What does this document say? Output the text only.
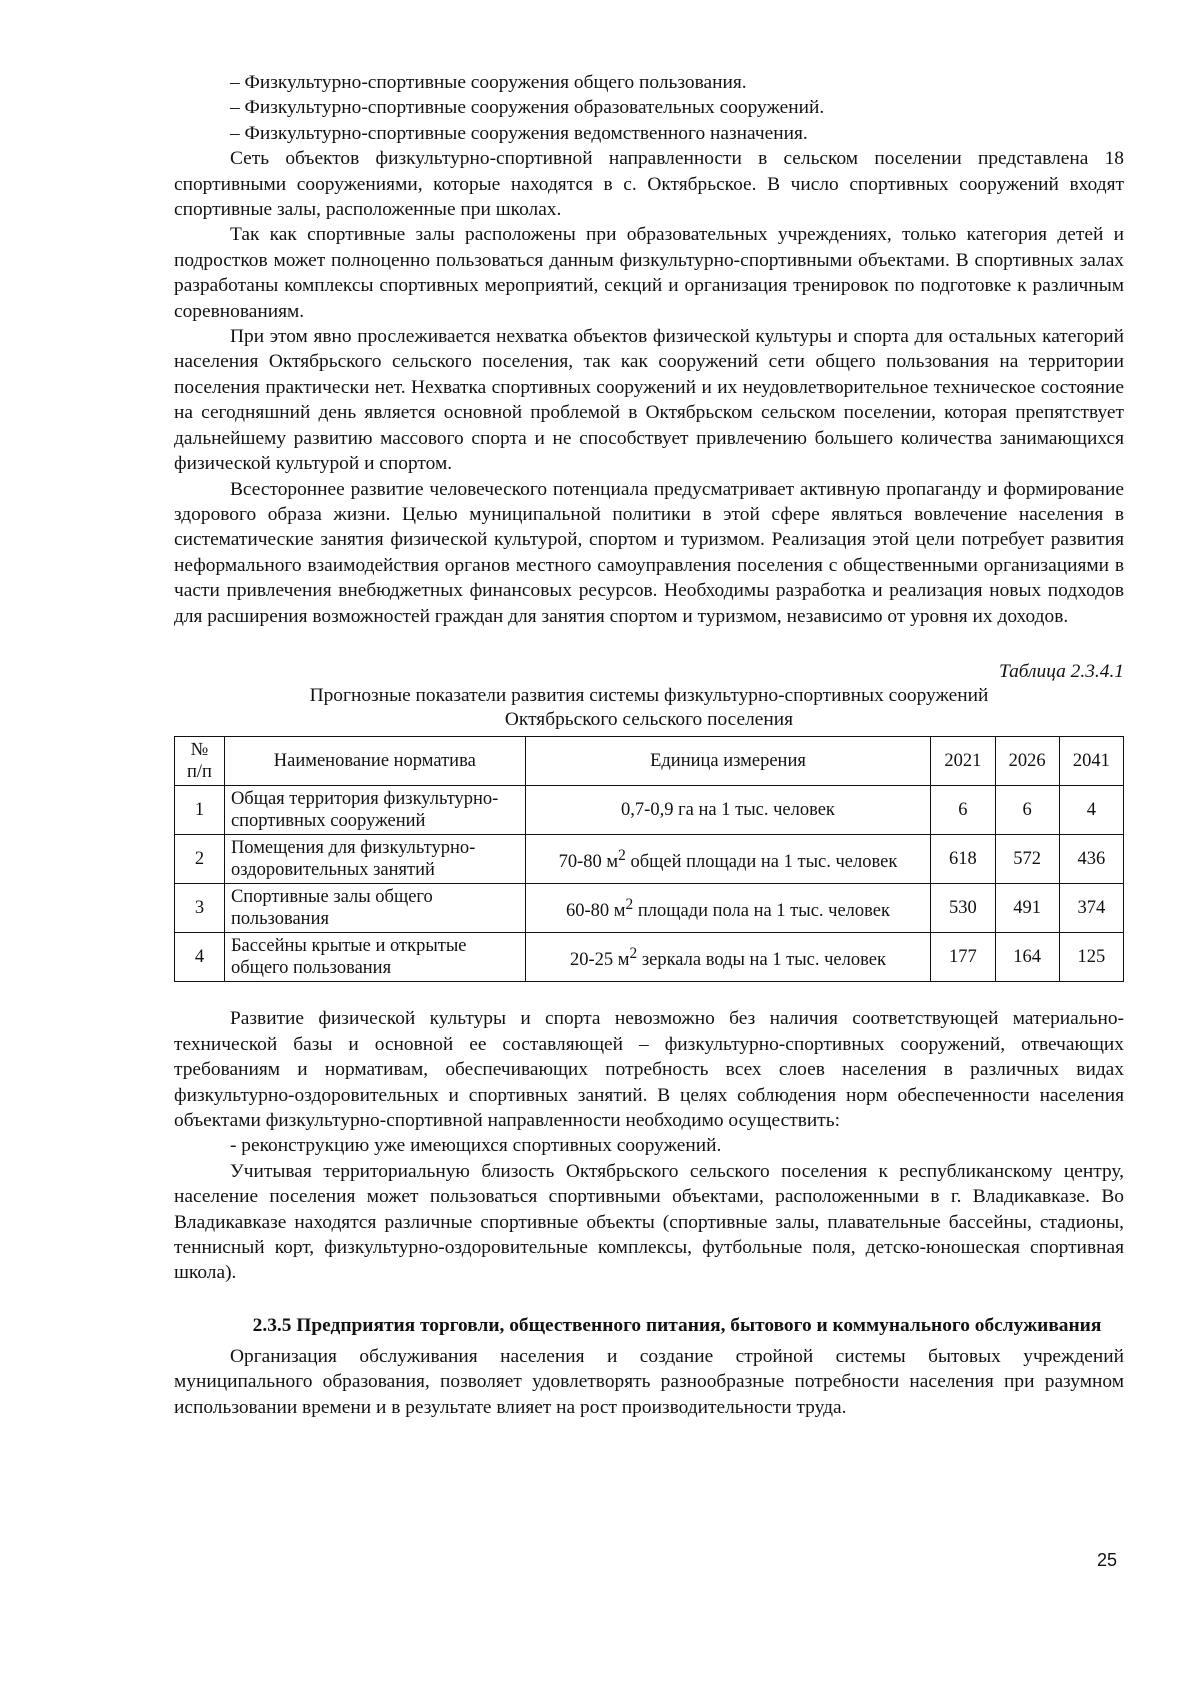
– Физкультурно-спортивные сооружения общего пользования.

– Физкультурно-спортивные сооружения образовательных сооружений.

– Физкультурно-спортивные сооружения ведомственного назначения.

Сеть объектов физкультурно-спортивной направленности в сельском поселении представлена 18 спортивными сооружениями, которые находятся в с. Октябрьское. В число спортивных сооружений входят спортивные залы, расположенные при школах.

Так как спортивные залы расположены при образовательных учреждениях, только категория детей и подростков может полноценно пользоваться данным физкультурно-спортивными объектами. В спортивных залах разработаны комплексы спортивных мероприятий, секций и организация тренировок по подготовке к различным соревнованиям.

При этом явно прослеживается нехватка объектов физической культуры и спорта для остальных категорий населения Октябрьского сельского поселения, так как сооружений сети общего пользования на территории поселения практически нет. Нехватка спортивных сооружений и их неудовлетворительное техническое состояние на сегодняшний день является основной проблемой в Октябрьском сельском поселении, которая препятствует дальнейшему развитию массового спорта и не способствует привлечению большего количества занимающихся физической культурой и спортом.

Всестороннее развитие человеческого потенциала предусматривает активную пропаганду и формирование здорового образа жизни. Целью муниципальной политики в этой сфере являться вовлечение населения в систематические занятия физической культурой, спортом и туризмом. Реализация этой цели потребует развития неформального взаимодействия органов местного самоуправления поселения с общественными организациями в части привлечения внебюджетных финансовых ресурсов. Необходимы разработка и реализация новых подходов для расширения возможностей граждан для занятия спортом и туризмом, независимо от уровня их доходов.

Таблица 2.3.4.1

Прогнозные показатели развития системы физкультурно-спортивных сооружений

Октябрьского сельского поселения

№ п/п	Наименование норматива	Единица измерения	2021	2026	2041
1	Общая территория физкультурно-спортивных сооружений	0,7-0,9 га на 1 тыс. человек	6	6	4
2	Помещения для физкультурно-оздоровительных занятий	70-80 $м^2$ общей площади на 1 тыс. человек	618	572	436
3	Спортивные залы общего пользования	60-80 $м^2$ площади пола на 1 тыс. человек	530	491	374
4	Бассейны крытые и открытые общего пользования	20-25 $м^2$ зеркала воды на 1 тыс. человек	177	164	125

Развитие физической культуры и спорта невозможно без наличия соответствующей материально-технической базы и основной ее составляющей – физкультурно-спортивных сооружений, отвечающих требованиям и нормативам, обеспечивающих потребность всех слоев населения в различных видах физкультурно-оздоровительных и спортивных занятий. В целях соблюдения норм обеспеченности населения объектами физкультурно-спортивной направленности необходимо осуществить:

- реконструкцию уже имеющихся спортивных сооружений.

Учитывая территориальную близость Октябрьского сельского поселения к республиканскому центру, население поселения может пользоваться спортивными объектами, расположенными в г. Владикавказе. Во Владикавказе находятся различные спортивные объекты (спортивные залы, плавательные бассейны, стадионы, теннисный корт, физкультурно-оздоровительные комплексы, футбольные поля, детско-юношеская спортивная школа).

2.3.5 Предприятия торговли, общественного питания, бытового и коммунального обслуживания

Организация обслуживания населения и создание стройной системы бытовых учреждений муниципального образования, позволяет удовлетворять разнообразные потребности населения при разумном использовании времени и в результате влияет на рост производительности труда.

25
